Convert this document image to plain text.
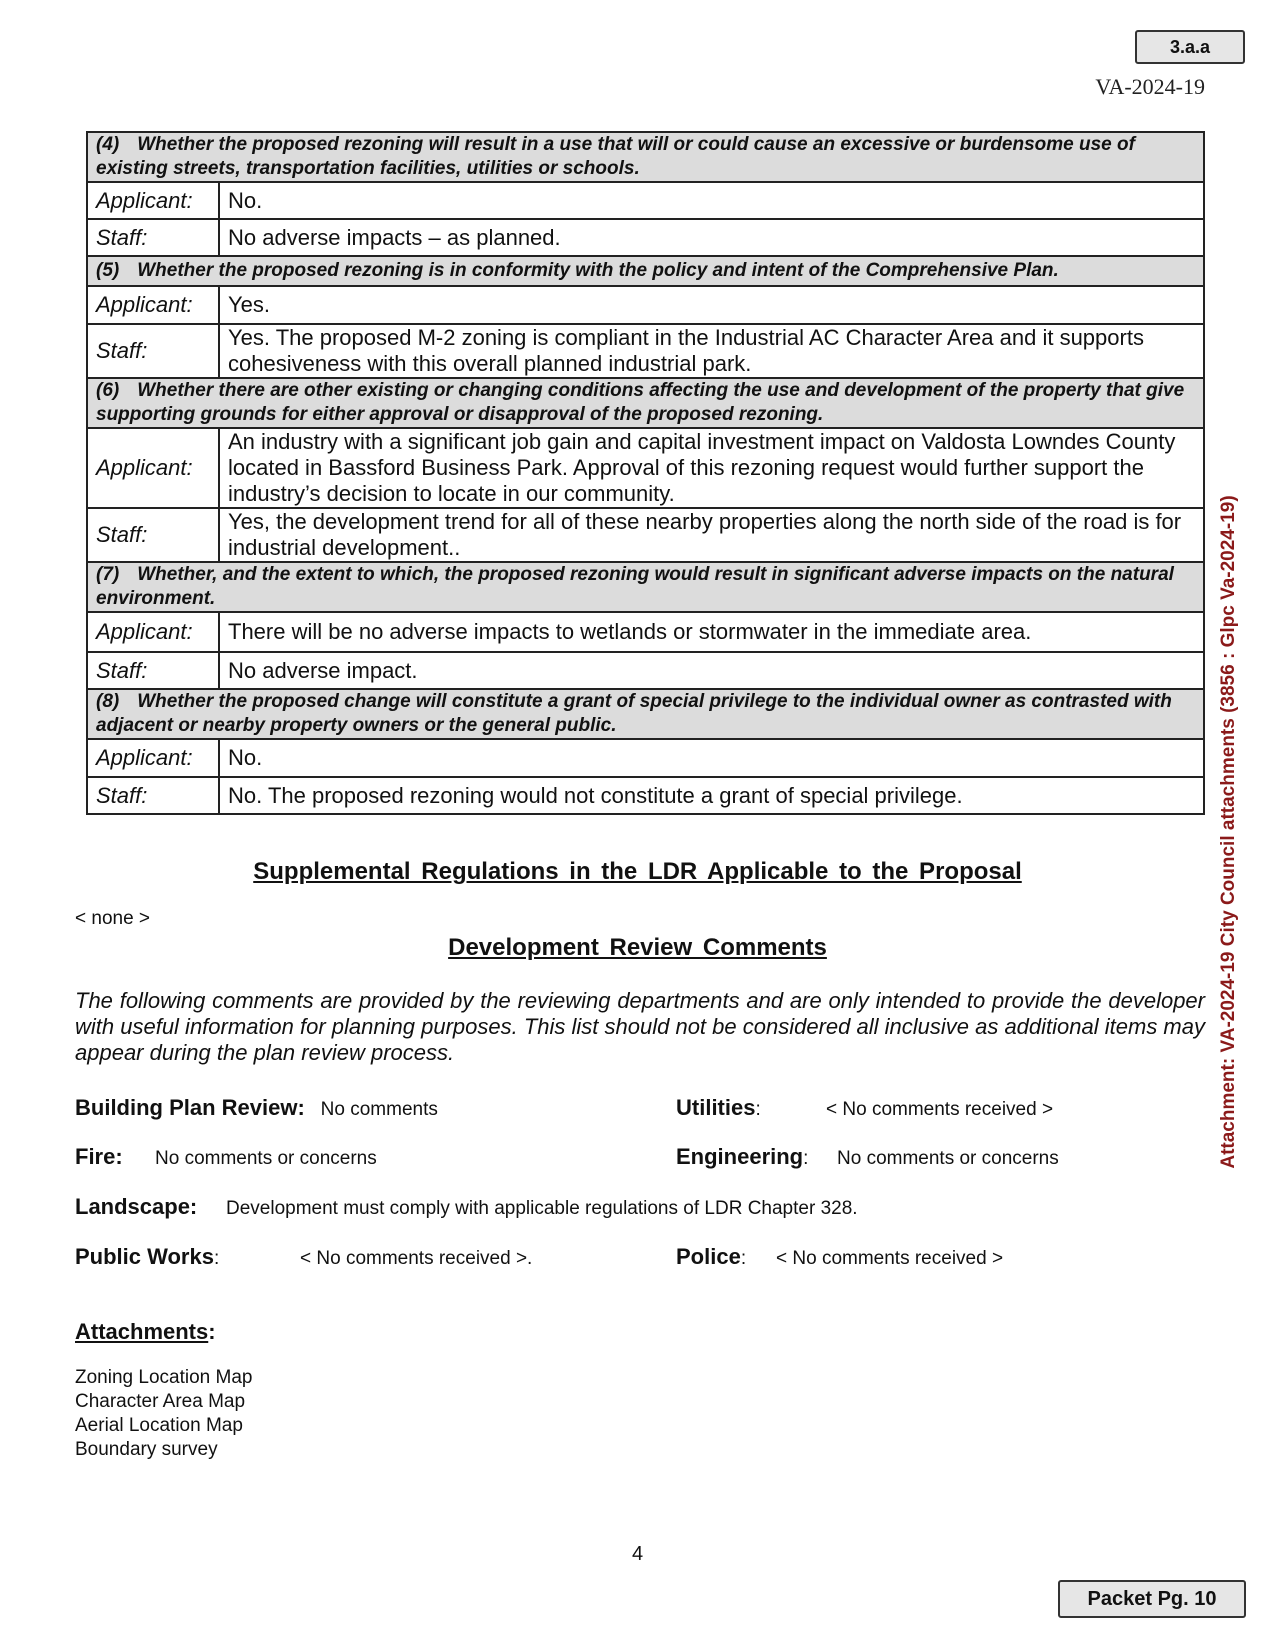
3.a.a
VA-2024-19
(4) Whether the proposed rezoning will result in a use that will or could cause an excessive or burdensome use of existing streets, transportation facilities, utilities or schools.	
Applicant:	No.
Staff:	No adverse impacts – as planned.
(5) Whether the proposed rezoning is in conformity with the policy and intent of the Comprehensive Plan.	
Applicant:	Yes.
Staff:	Yes. The proposed M-2 zoning is compliant in the Industrial AC Character Area and it supports cohesiveness with this overall planned industrial park.
(6) Whether there are other existing or changing conditions affecting the use and development of the property that give supporting grounds for either approval or disapproval of the proposed rezoning.	
Applicant:	An industry with a significant job gain and capital investment impact on Valdosta Lowndes County located in Bassford Business Park. Approval of this rezoning request would further support the industry’s decision to locate in our community.
Staff:	Yes, the development trend for all of these nearby properties along the north side of the road is for industrial development..
(7) Whether, and the extent to which, the proposed rezoning would result in significant adverse impacts on the natural environment.	
Applicant:	There will be no adverse impacts to wetlands or stormwater in the immediate area.
Staff:	No adverse impact.
(8) Whether the proposed change will constitute a grant of special privilege to the individual owner as contrasted with adjacent or nearby property owners or the general public.	
Applicant:	No.
Staff:	No. The proposed rezoning would not constitute a grant of special privilege.
Supplemental Regulations in the LDR Applicable to the Proposal
< none >
Development Review Comments
The following comments are provided by the reviewing departments and are only intended to provide the developer with useful information for planning purposes. This list should not be considered all inclusive as additional items may appear during the plan review process.
Building Plan Review: No comments	Utilities:	< No comments received >
Fire: No comments or concerns	Engineering: No comments or concerns
Landscape: Development must comply with applicable regulations of LDR Chapter 328.
Public Works:	< No comments received >.	Police: < No comments received >
Attachments:
Zoning Location Map
Character Area Map
Aerial Location Map
Boundary survey
4
Packet Pg. 10
Attachment: VA-2024-19 City Council attachments (3856 : Glpc Va-2024-19)
